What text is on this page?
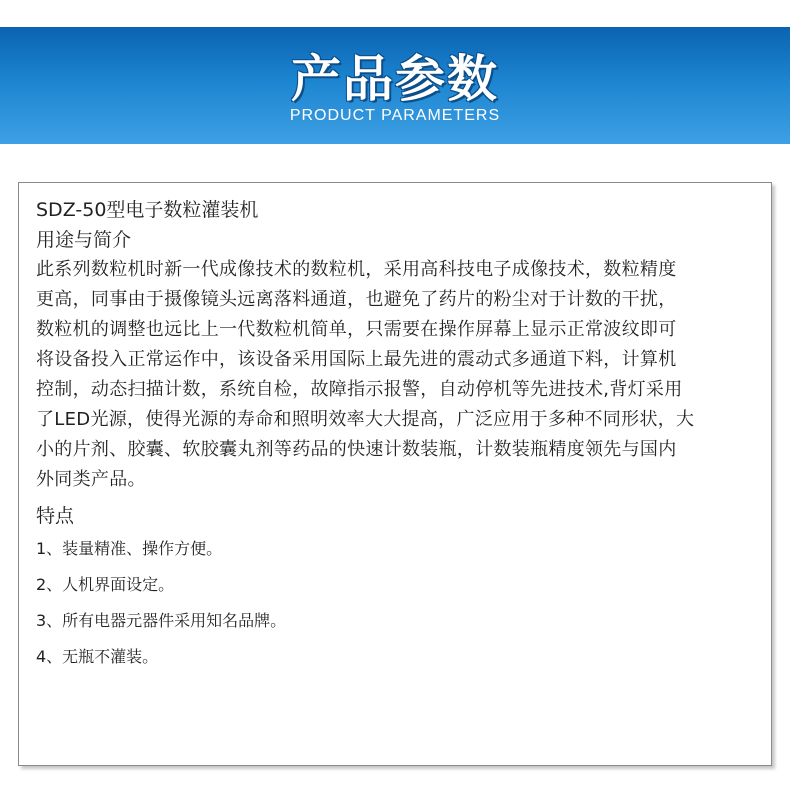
产品参数
PRODUCT PARAMETERS
SDZ-50型电子数粒灌装机
用途与简介
此系列数粒机时新一代成像技术的数粒机，采用高科技电子成像技术，数粒精度
更高，同事由于摄像镜头远离落料通道，也避免了药片的粉尘对于计数的干扰，
数粒机的调整也远比上一代数粒机简单，只需要在操作屏幕上显示正常波纹即可
将设备投入正常运作中，该设备采用国际上最先进的震动式多通道下料，计算机
控制，动态扫描计数，系统自检，故障指示报警，自动停机等先进技术,背灯采用
了LED光源，使得光源的寿命和照明效率大大提高，广泛应用于多种不同形状，大
小的片剂、胶囊、软胶囊丸剂等药品的快速计数装瓶，计数装瓶精度领先与国内
外同类产品。
特点
1、装量精准、操作方便。
2、人机界面设定。
3、所有电器元器件采用知名品牌。
4、无瓶不灌装。
